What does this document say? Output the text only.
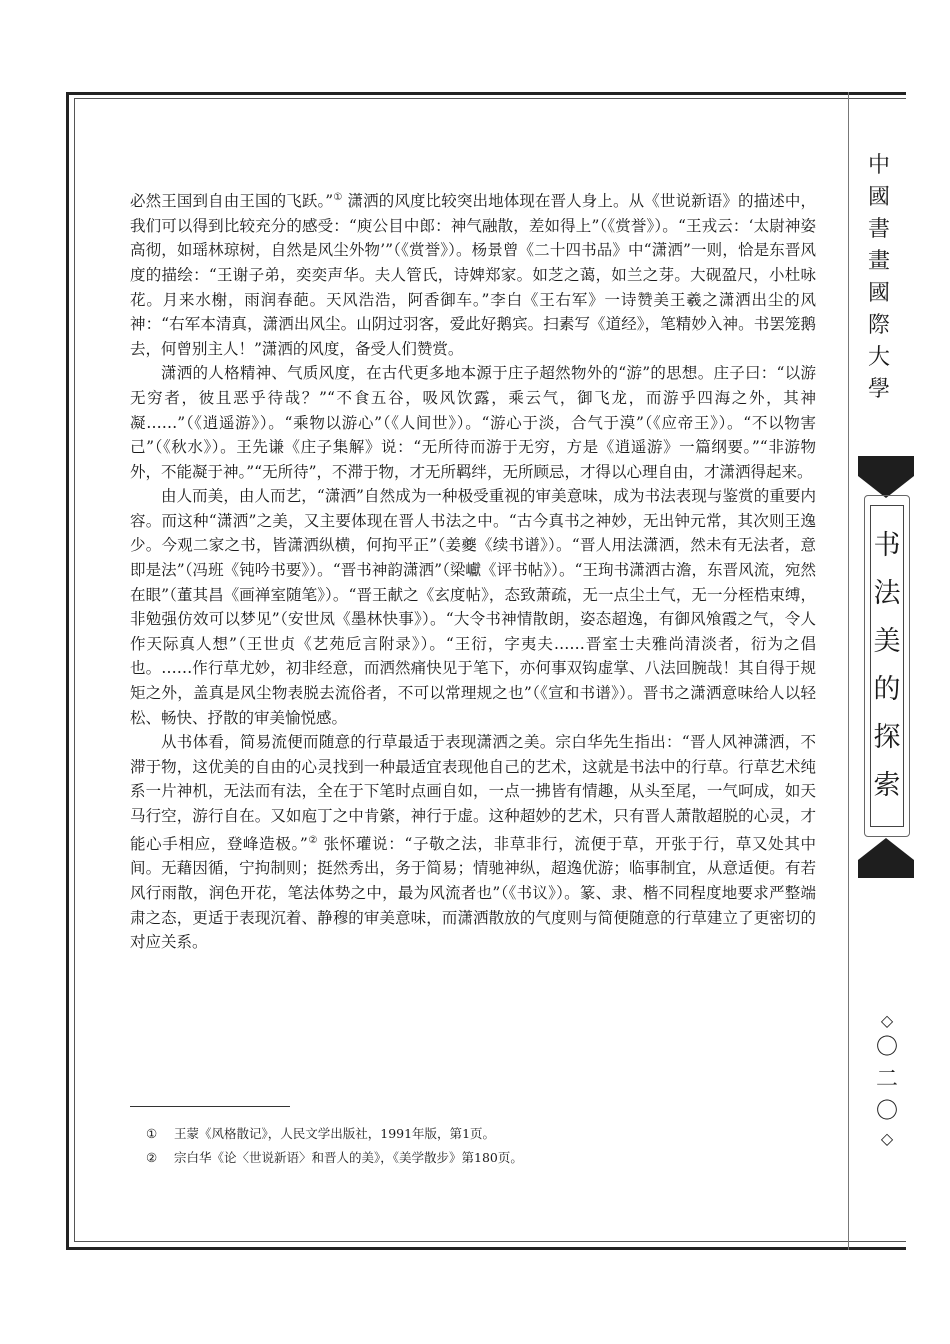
中
國
書
畫
國
際
大
學
书
法
美
的
探
索
◇
〇
二
〇
◇

必然王国到自由王国的飞跃。”① 潇洒的风度比较突出地体现在晋人身上。从《世说新语》的描述中，我们可以得到比较充分的感受：“庾公目中郎：神气融散，差如得上”（《赏誉》）。“王戎云：‘太尉神姿高彻，如瑶林琼树，自然是风尘外物’”（《赏誉》）。杨景曾《二十四书品》中“潇洒”一则，恰是东晋风度的描绘：“王谢子弟，奕奕声华。夫人管氏，诗婢郑家。如芝之蔼，如兰之芽。大砚盈尺，小杜咏花。月来水榭，雨润春葩。天风浩浩，阿香御车。”李白《王右军》一诗赞美王羲之潇洒出尘的风神：“右军本清真，潇洒出风尘。山阴过羽客，爱此好鹅宾。扫素写《道经》，笔精妙入神。书罢笼鹅去，何曾别主人！”潇洒的风度，备受人们赞赏。

潇洒的人格精神、气质风度，在古代更多地本源于庄子超然物外的“游”的思想。庄子曰：“以游无穷者，彼且恶乎待哉？”“不食五谷，吸风饮露，乘云气，御飞龙，而游乎四海之外，其神凝……”（《逍遥游》）。“乘物以游心”（《人间世》）。“游心于淡，合气于漠”（《应帝王》）。“不以物害己”（《秋水》）。王先谦《庄子集解》说：“无所待而游于无穷，方是《逍遥游》一篇纲要。”“非游物外，不能凝于神。”“无所待”，不滞于物，才无所羁绊，无所顾忌，才得以心理自由，才潇洒得起来。

由人而美，由人而艺，“潇洒”自然成为一种极受重视的审美意味，成为书法表现与鉴赏的重要内容。而这种“潇洒”之美，又主要体现在晋人书法之中。“古今真书之神妙，无出钟元常，其次则王逸少。今观二家之书，皆潇洒纵横，何拘平正”（姜夔《续书谱》）。“晋人用法潇洒，然未有无法者，意即是法”（冯班《钝吟书要》）。“晋书神韵潇洒”（梁巘《评书帖》）。“王珣书潇洒古澹，东晋风流，宛然在眼”（董其昌《画禅室随笔》）。“晋王献之《玄度帖》，态致萧疏，无一点尘土气，无一分桎梏束缚，非勉强仿效可以梦见”（安世凤《墨林快事》）。“大令书神情散朗，姿态超逸，有御风飧霞之气，令人作天际真人想”（王世贞《艺苑卮言附录》）。“王衍，字夷夫……晋室士夫雅尚清淡者，衍为之倡也。……作行草尤妙，初非经意，而洒然痛快见于笔下，亦何事双钩虚掌、八法回腕哉！其自得于规矩之外，盖真是风尘物表脱去流俗者，不可以常理规之也”（《宣和书谱》）。晋书之潇洒意味给人以轻松、畅快、抒散的审美愉悦感。

从书体看，简易流便而随意的行草最适于表现潇洒之美。宗白华先生指出：“晋人风神潇洒，不滞于物，这优美的自由的心灵找到一种最适宜表现他自己的艺术，这就是书法中的行草。行草艺术纯系一片神机，无法而有法，全在于下笔时点画自如，一点一拂皆有情趣，从头至尾，一气呵成，如天马行空，游行自在。又如庖丁之中肯綮，神行于虚。这种超妙的艺术，只有晋人萧散超脱的心灵，才能心手相应，登峰造极。”② 张怀瓘说：“子敬之法，非草非行，流便于草，开张于行，草又处其中间。无藉因循，宁拘制则；挺然秀出，务于简易；情驰神纵，超逸优游；临事制宜，从意适便。有若风行雨散，润色开花，笔法体势之中，最为风流者也”（《书议》）。篆、隶、楷不同程度地要求严整端肃之态，更适于表现沉着、静穆的审美意味，而潇洒散放的气度则与简便随意的行草建立了更密切的对应关系。

① 王蒙《风格散记》，人民文学出版社，1991年版，第1页。
② 宗白华《论〈世说新语〉和晋人的美》，《美学散步》第180页。
